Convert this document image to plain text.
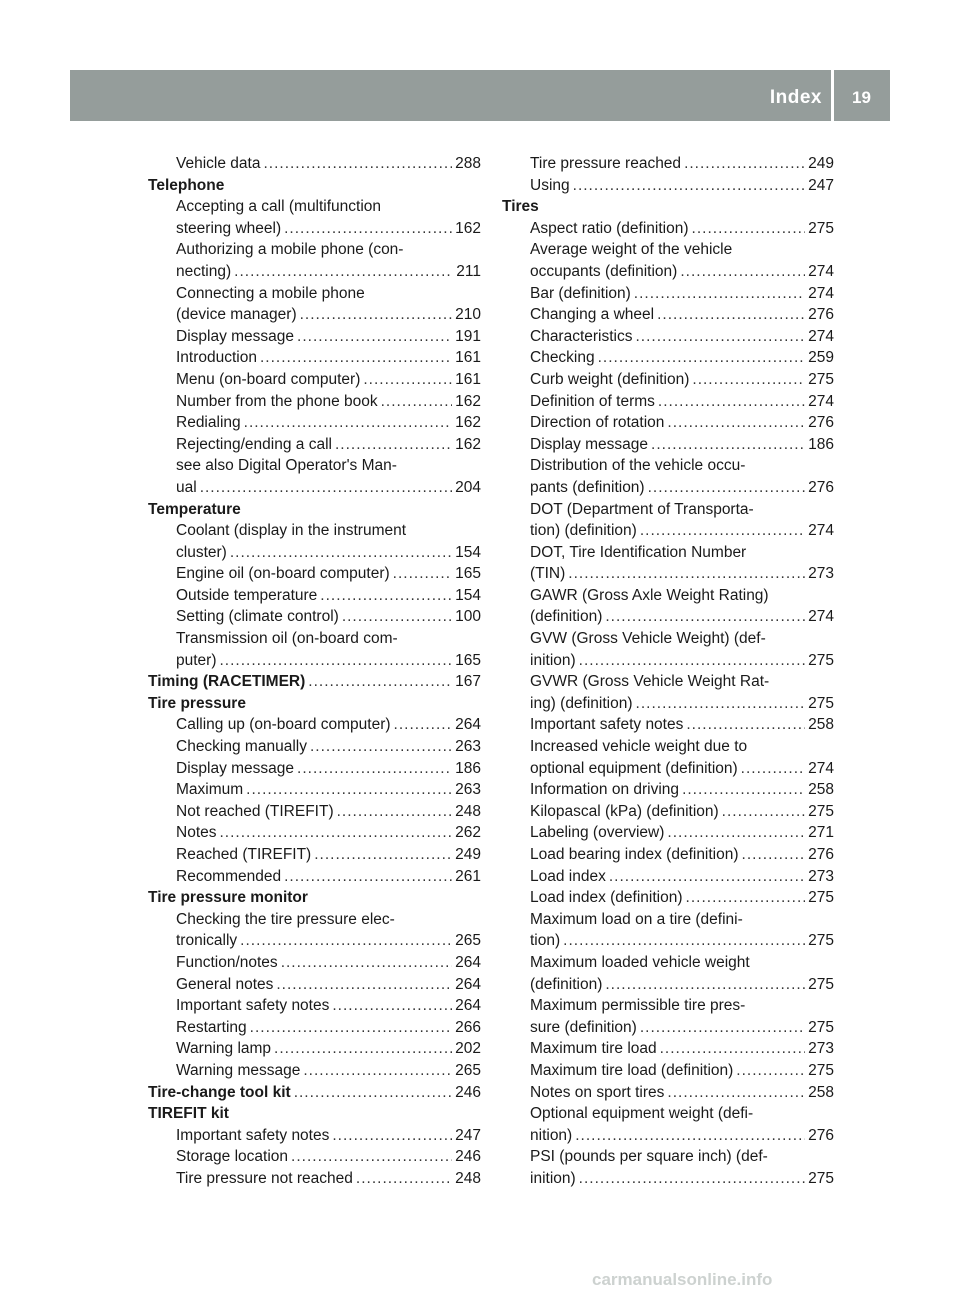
Index 19
Vehicle data .....	288
Telephone
Accepting a call (multifunction
steering wheel) .....	162
Authorizing a mobile phone (con-
necting) .....	211
Connecting a mobile phone
(device manager) .....	210
Display message .....	191
Introduction .....	161
Menu (on-board computer) .....	161
Number from the phone book .....	162
Redialing .....	162
Rejecting/ending a call .....	162
see also Digital Operator's Man-
ual .....	204
Temperature
Coolant (display in the instrument
cluster) .....	154
Engine oil (on-board computer) .....	165
Outside temperature .....	154
Setting (climate control) .....	100
Transmission oil (on-board com-
puter) .....	165
Timing (RACETIMER) .....	167
Tire pressure
Calling up (on-board computer) .....	264
Checking manually .....	263
Display message .....	186
Maximum .....	263
Not reached (TIREFIT) .....	248
Notes .....	262
Reached (TIREFIT) .....	249
Recommended .....	261
Tire pressure monitor
Checking the tire pressure elec-
tronically .....	265
Function/notes .....	264
General notes .....	264
Important safety notes .....	264
Restarting .....	266
Warning lamp .....	202
Warning message .....	265
Tire-change tool kit .....	246
TIREFIT kit
Important safety notes .....	247
Storage location .....	246
Tire pressure not reached .....	248
Tire pressure reached .....	249
Using .....	247
Tires
Aspect ratio (definition) .....	275
Average weight of the vehicle
occupants (definition) .....	274
Bar (definition) .....	274
Changing a wheel .....	276
Characteristics .....	274
Checking .....	259
Curb weight (definition) .....	275
Definition of terms .....	274
Direction of rotation .....	276
Display message .....	186
Distribution of the vehicle occu-
pants (definition) .....	276
DOT (Department of Transporta-
tion) (definition) .....	274
DOT, Tire Identification Number
(TIN) .....	273
GAWR (Gross Axle Weight Rating)
(definition) .....	274
GVW (Gross Vehicle Weight) (def-
inition) .....	275
GVWR (Gross Vehicle Weight Rat-
ing) (definition) .....	275
Important safety notes .....	258
Increased vehicle weight due to
optional equipment (definition) .....	274
Information on driving .....	258
Kilopascal (kPa) (definition) .....	275
Labeling (overview) .....	271
Load bearing index (definition) .....	276
Load index .....	273
Load index (definition) .....	275
Maximum load on a tire (defini-
tion) .....	275
Maximum loaded vehicle weight
(definition) .....	275
Maximum permissible tire pres-
sure (definition) .....	275
Maximum tire load .....	273
Maximum tire load (definition) .....	275
Notes on sport tires .....	258
Optional equipment weight (defi-
nition) .....	276
PSI (pounds per square inch) (def-
inition) .....	275
carmanualsonline.info
